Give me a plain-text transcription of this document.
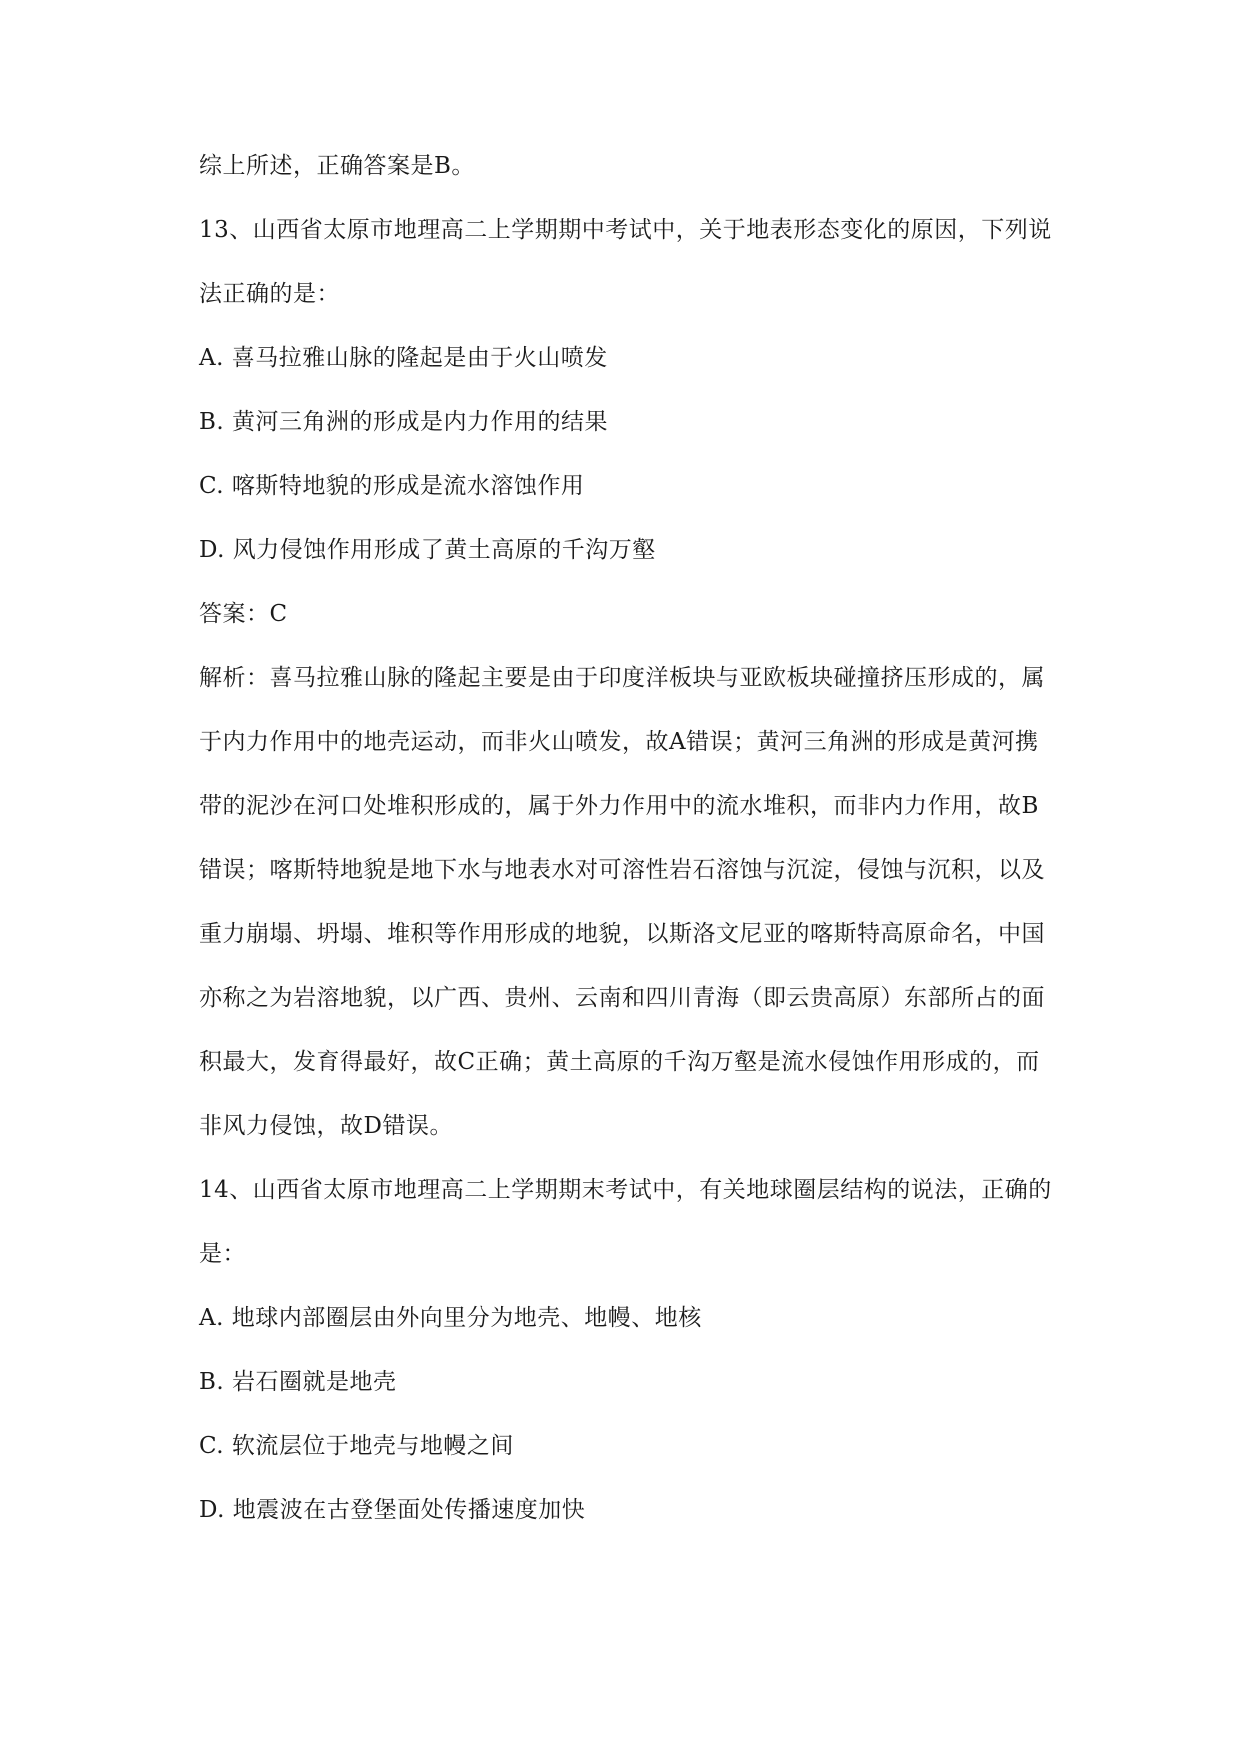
综上所述，正确答案是B。
13、山西省太原市地理高二上学期期中考试中，关于地表形态变化的原因，下列说
法正确的是：
A. 喜马拉雅山脉的隆起是由于火山喷发
B. 黄河三角洲的形成是内力作用的结果
C. 喀斯特地貌的形成是流水溶蚀作用
D. 风力侵蚀作用形成了黄土高原的千沟万壑
答案：C
解析：喜马拉雅山脉的隆起主要是由于印度洋板块与亚欧板块碰撞挤压形成的，属
于内力作用中的地壳运动，而非火山喷发，故A错误；黄河三角洲的形成是黄河携
带的泥沙在河口处堆积形成的，属于外力作用中的流水堆积，而非内力作用，故B
错误；喀斯特地貌是地下水与地表水对可溶性岩石溶蚀与沉淀，侵蚀与沉积，以及
重力崩塌、坍塌、堆积等作用形成的地貌，以斯洛文尼亚的喀斯特高原命名，中国
亦称之为岩溶地貌，以广西、贵州、云南和四川青海（即云贵高原）东部所占的面
积最大，发育得最好，故C正确；黄土高原的千沟万壑是流水侵蚀作用形成的，而
非风力侵蚀，故D错误。
14、山西省太原市地理高二上学期期末考试中，有关地球圈层结构的说法，正确的
是：
A. 地球内部圈层由外向里分为地壳、地幔、地核
B. 岩石圈就是地壳
C. 软流层位于地壳与地幔之间
D. 地震波在古登堡面处传播速度加快
